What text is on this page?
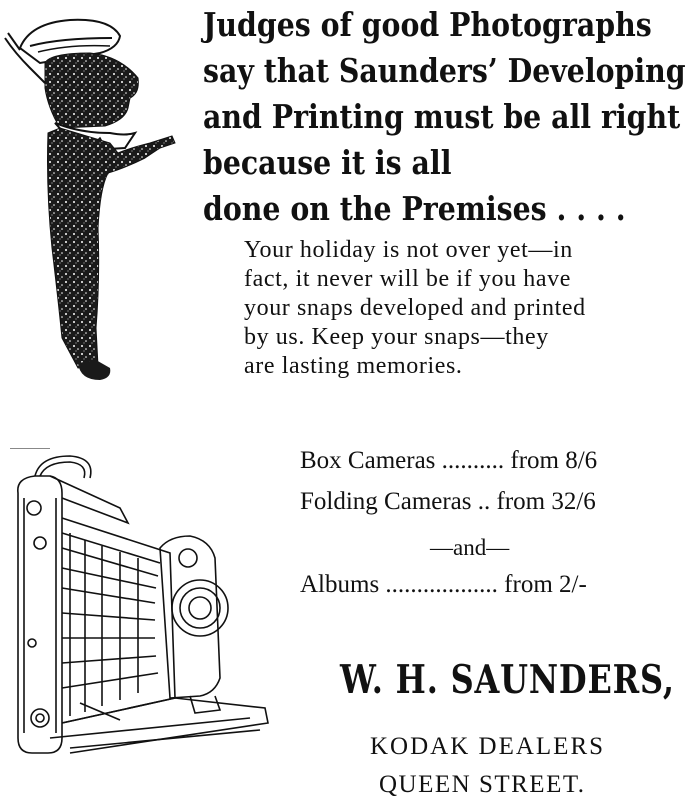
Judges of good Photographs
say that Saunders’ Developing
and Printing must be all right
because it is all
done on the Premises . . . .
Your holiday is not over yet—in
fact, it never will be if you have
your snaps developed and printed
by us. Keep your snaps—they
are lasting memories.
Box Cameras .......... from 8/6
Folding Cameras .. from 32/6
—and—
Albums .................. from 2/-
W. H. SAUNDERS,
KODAK DEALERS
QUEEN STREET.
